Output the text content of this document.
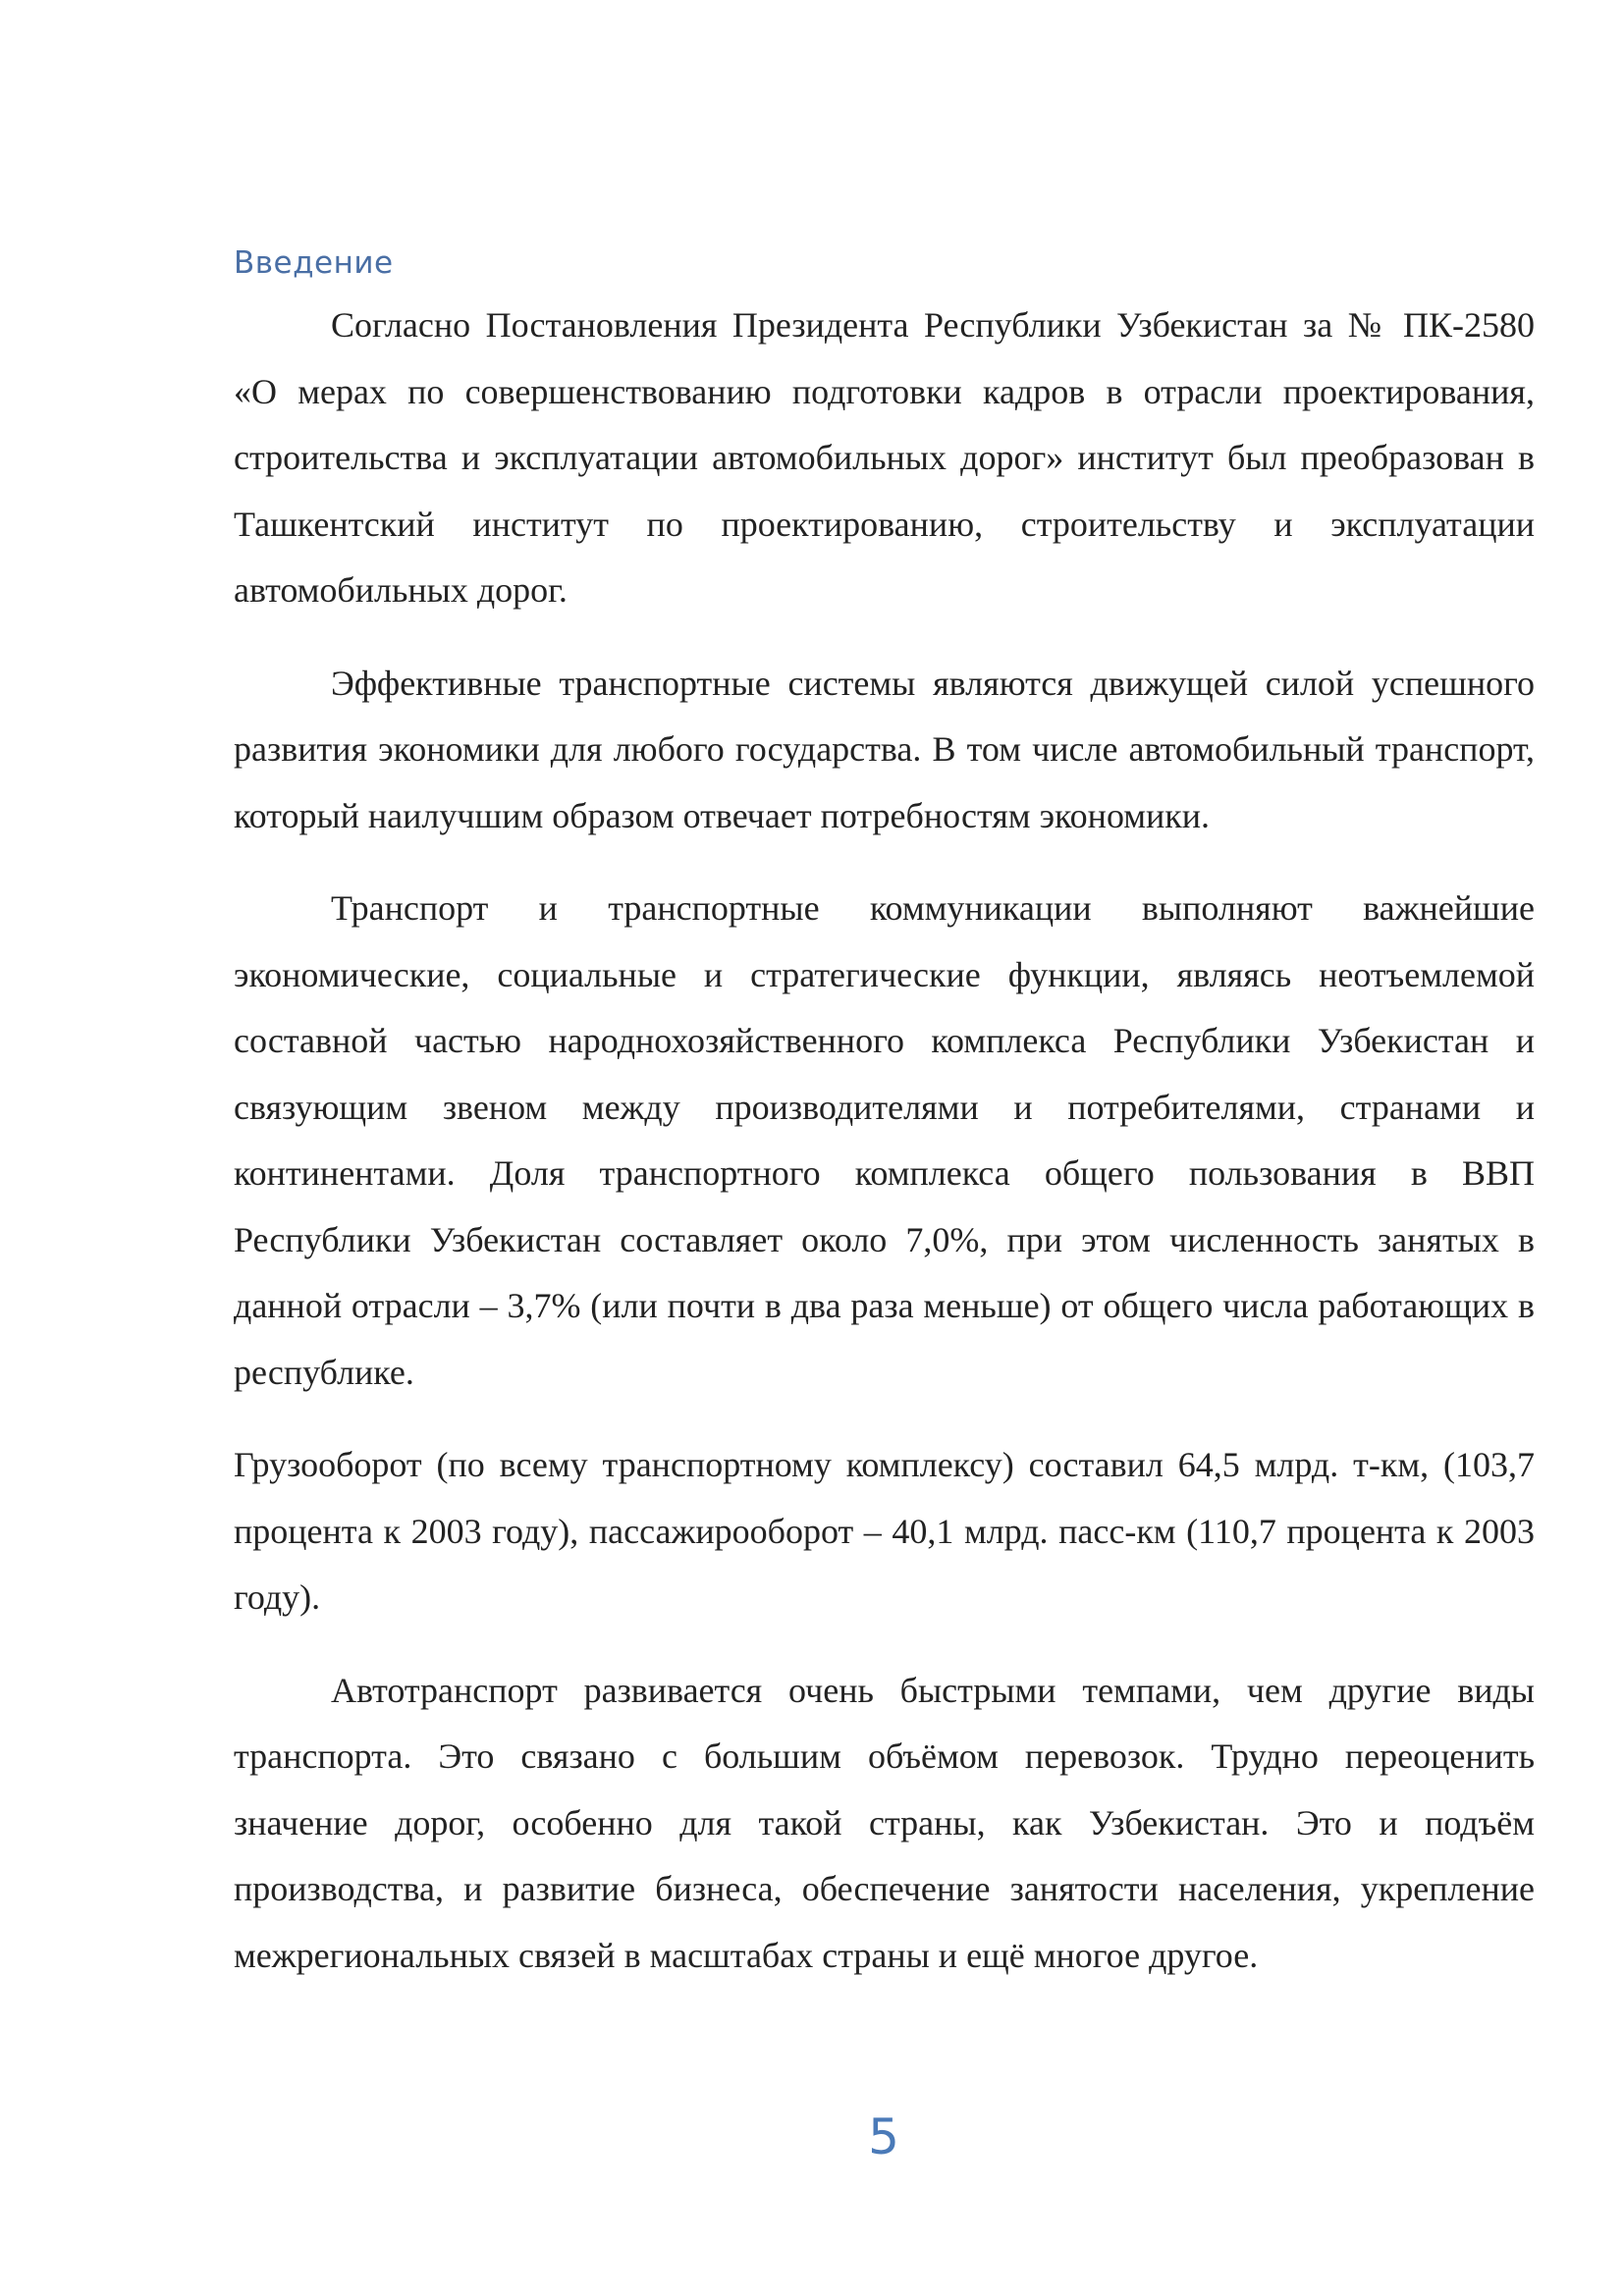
Введение

Согласно Постановления Президента Республики Узбекистан за № ПК-2580 «О мерах по совершенствованию подготовки кадров в отрасли проектирования, строительства и эксплуатации автомобильных дорог» институт был преобразован в Ташкентский институт по проектированию, строительству и эксплуатации автомобильных дорог.

Эффективные транспортные системы являются движущей силой успешного развития экономики для любого государства. В том числе автомобильный транспорт, который наилучшим образом отвечает потребностям экономики.

Транспорт и транспортные коммуникации выполняют важнейшие экономические, социальные и стратегические функции, являясь неотъемлемой составной частью народнохозяйственного комплекса Республики Узбекистан и связующим звеном между производителями и потребителями, странами и континентами. Доля транспортного комплекса общего пользования в ВВП Республики Узбекистан составляет около 7,0%, при этом численность занятых в данной отрасли – 3,7% (или почти в два раза меньше) от общего числа работающих в республике.

Грузооборот (по всему транспортному комплексу) составил 64,5 млрд. т-км, (103,7 процента к 2003 году), пассажирооборот – 40,1 млрд. пасс-км (110,7 процента к 2003 году).

Автотранспорт развивается очень быстрыми темпами, чем другие виды транспорта. Это связано с большим объёмом перевозок. Трудно переоценить значение дорог, особенно для такой страны, как Узбекистан. Это и подъём производства, и развитие бизнеса, обеспечение занятости населения, укрепление межрегиональных связей в масштабах страны и ещё многое другое.

5
